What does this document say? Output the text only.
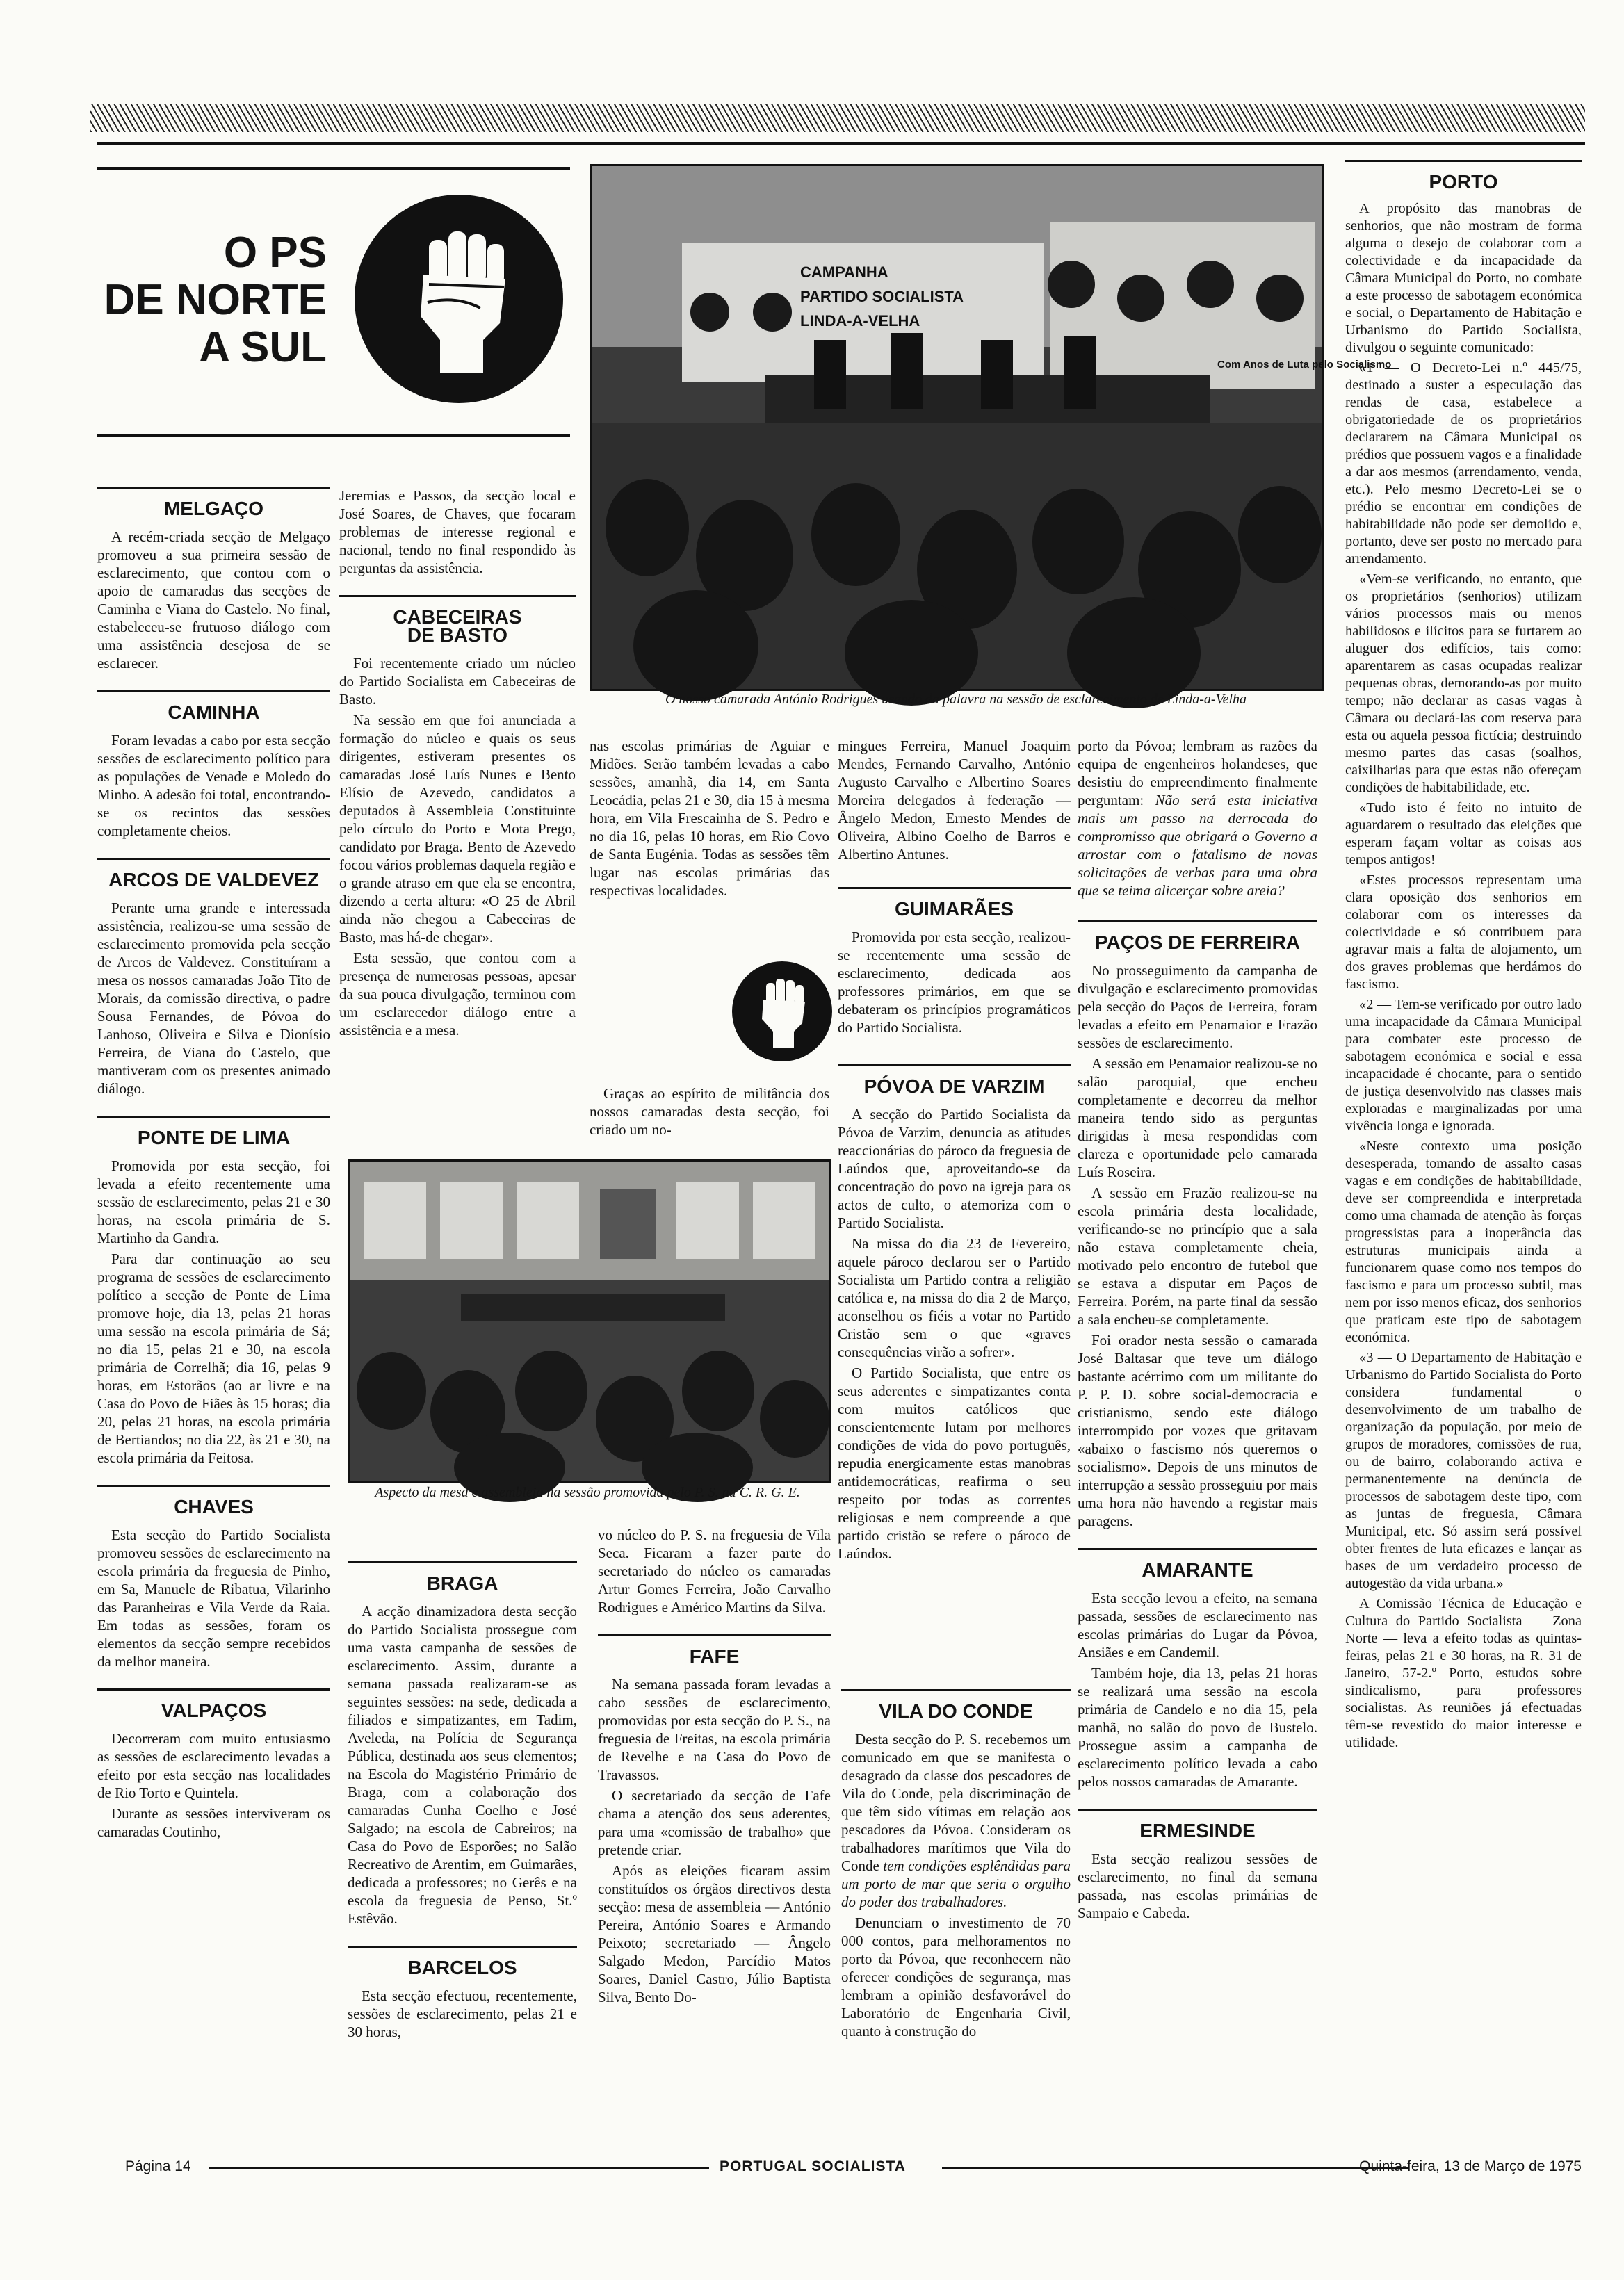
O PS
DE NORTE
A SUL
CAMPANHA
PARTIDO SOCIALISTA
LINDA-A-VELHA
Com Anos de Luta pelo Socialismo
O nosso camarada António Rodrigues usando da palavra na sessão de esclarecimento de Linda-a-Velha
MELGAÇO

A recém-criada secção de Melgaço promoveu a sua primeira sessão de esclarecimento, que contou com o apoio de camaradas das secções de Caminha e Viana do Castelo. No final, estabeleceu-se frutuoso diálogo com uma assistência desejosa de se esclarecer.

CAMINHA

Foram levadas a cabo por esta secção sessões de esclarecimento político para as populações de Venade e Moledo do Minho. A adesão foi total, encontrando-se os recintos das sessões completamente cheios.

ARCOS DE VALDEVEZ

Perante uma grande e interessada assistência, realizou-se uma sessão de esclarecimento promovida pela secção de Arcos de Valdevez. Constituíram a mesa os nossos camaradas João Tito de Morais, da comissão directiva, o padre Sousa Fernandes, de Póvoa do Lanhoso, Oliveira e Silva e Dionísio Ferreira, de Viana do Castelo, que mantiveram com os presentes animado diálogo.

PONTE DE LIMA

Promovida por esta secção, foi levada a efeito recentemente uma sessão de esclarecimento, pelas 21 e 30 horas, na escola primária de S. Martinho da Gandra.

Para dar continuação ao seu programa de sessões de esclarecimento político a secção de Ponte de Lima promove hoje, dia 13, pelas 21 horas uma sessão na escola primária de Sá; no dia 15, pelas 21 e 30, na escola primária de Correlhã; dia 16, pelas 9 horas, em Estorãos (ao ar livre e na Casa do Povo de Fiães às 15 horas; dia 20, pelas 21 horas, na escola primária de Bertiandos; no dia 22, às 21 e 30, na escola primária da Feitosa.

CHAVES

Esta secção do Partido Socialista promoveu sessões de esclarecimento na escola primária da freguesia de Pinho, em Sa, Manuele de Ribatua, Vilarinho das Paranheiras e Vila Verde da Raia. Em todas as sessões, foram os elementos da secção sempre recebidos da melhor maneira.

VALPAÇOS

Decorreram com muito entusiasmo as sessões de esclarecimento levadas a efeito por esta secção nas localidades de Rio Torto e Quintela.

Durante as sessões interviveram os camaradas Coutinho,

Jeremias e Passos, da secção local e José Soares, de Chaves, que focaram problemas de interesse regional e nacional, tendo no final respondido às perguntas da assistência.

CABECEIRAS
DE BASTO

Foi recentemente criado um núcleo do Partido Socialista em Cabeceiras de Basto.

Na sessão em que foi anunciada a formação do núcleo e quais os seus dirigentes, estiveram presentes os camaradas José Luís Nunes e Bento Elísio de Azevedo, candidatos a deputados à Assembleia Constituinte pelo círculo do Porto e Mota Prego, candidato por Braga. Bento de Azevedo focou vários problemas daquela região e o grande atraso em que ela se encontra, dizendo a certa altura: «O 25 de Abril ainda não chegou a Cabeceiras de Basto, mas há-de chegar».

Esta sessão, que contou com a presença de numerosas pessoas, apesar da sua pouca divulgação, terminou com um esclarecedor diálogo entre a assistência e a mesa.

nas escolas primárias de Aguiar e Midões. Serão também levadas a cabo sessões, amanhã, dia 14, em Santa Leocádia, pelas 21 e 30, dia 15 à mesma hora, em Vila Frescainha de S. Pedro e no dia 16, pelas 10 horas, em Rio Covo de Santa Eugénia. Todas as sessões têm lugar nas escolas primárias das respectivas localidades.

Graças ao espírito de militância dos nossos camaradas desta secção, foi criado um no-

mingues Ferreira, Manuel Joaquim Mendes, Fernando Carvalho, António Augusto Carvalho e Albertino Soares Moreira delegados à federação — Ângelo Medon, Ernesto Mendes de Oliveira, Albino Coelho de Barros e Albertino Antunes.

GUIMARÃES

Promovida por esta secção, realizou-se recentemente uma sessão de esclarecimento, dedicada aos professores primários, em que se debateram os princípios programáticos do Partido Socialista.

PÓVOA DE VARZIM

A secção do Partido Socialista da Póvoa de Varzim, denuncia as atitudes reaccionárias do pároco da freguesia de Laúndos que, aproveitando-se da concentração do povo na igreja para os actos de culto, o atemoriza com o Partido Socialista.

Na missa do dia 23 de Fevereiro, aquele pároco declarou ser o Partido Socialista um Partido contra a religião católica e, na missa do dia 2 de Março, aconselhou os fiéis a votar no Partido Cristão sem o que «graves consequências virão a sofrer».

O Partido Socialista, que entre os seus aderentes e simpatizantes conta com muitos católicos que conscientemente lutam por melhores condições de vida do povo português, repudia energicamente estas manobras antidemocráticas, reafirma o seu respeito por todas as correntes religiosas e nem compreende a que partido cristão se refere o pároco de Laúndos.

porto da Póvoa; lembram as razões da equipa de engenheiros holandeses, que desistiu do empreendimento finalmente perguntam: Não será esta iniciativa mais um passo na derrocada do compromisso que obrigará o Governo a arrostar com o fatalismo de novas solicitações de verbas para uma obra que se teima alicerçar sobre areia?

PAÇOS DE FERREIRA

No prosseguimento da campanha de divulgação e esclarecimento promovidas pela secção do Paços de Ferreira, foram levadas a efeito em Penamaior e Frazão sessões de esclarecimento.

A sessão em Penamaior realizou-se no salão paroquial, que encheu completamente e decorreu da melhor maneira tendo sido as perguntas dirigidas à mesa respondidas com clareza e oportunidade pelo camarada Luís Roseira.

A sessão em Frazão realizou-se na escola primária desta localidade, verificando-se no princípio que a sala não estava completamente cheia, motivado pelo encontro de futebol que se estava a disputar em Paços de Ferreira. Porém, na parte final da sessão a sala encheu-se completamente.

Foi orador nesta sessão o camarada José Baltasar que teve um diálogo bastante acérrimo com um militante do P. P. D. sobre social-democracia e cristianismo, sendo este diálogo interrompido por vozes que gritavam «abaixo o fascismo nós queremos o socialismo». Depois de uns minutos de interrupção a sessão prosseguiu por mais uma hora não havendo a registar mais paragens.

AMARANTE

Esta secção levou a efeito, na semana passada, sessões de esclarecimento nas escolas primárias do Lugar da Póvoa, Ansiães e em Candemil.

Também hoje, dia 13, pelas 21 horas se realizará uma sessão na escola primária de Candelo e no dia 15, pela manhã, no salão do povo de Bustelo. Prossegue assim a campanha de esclarecimento político levada a cabo pelos nossos camaradas de Amarante.

ERMESINDE

Esta secção realizou sessões de esclarecimento, no final da semana passada, nas escolas primárias de Sampaio e Cabeda.

Aspecto da mesa e assembleia na sessão promovida pelo P. S. na C. R. G. E.
BRAGA

A acção dinamizadora desta secção do Partido Socialista prossegue com uma vasta campanha de sessões de esclarecimento. Assim, durante a semana passada realizaram-se as seguintes sessões: na sede, dedicada a filiados e simpatizantes, em Tadim, Aveleda, na Polícia de Segurança Pública, destinada aos seus elementos; na Escola do Magistério Primário de Braga, com a colaboração dos camaradas Cunha Coelho e José Salgado; na escola de Cabreiros; na Casa do Povo de Esporões; no Salão Recreativo de Arentim, em Guimarães, dedicada a professores; no Gerês e na escola da freguesia de Penso, St.º Estêvão.

BARCELOS

Esta secção efectuou, recentemente, sessões de esclarecimento, pelas 21 e 30 horas,

vo núcleo do P. S. na freguesia de Vila Seca. Ficaram a fazer parte do secretariado do núcleo os camaradas Artur Gomes Ferreira, João Carvalho Rodrigues e Américo Martins da Silva.

FAFE

Na semana passada foram levadas a cabo sessões de esclarecimento, promovidas por esta secção do P. S., na freguesia de Freitas, na escola primária de Revelhe e na Casa do Povo de Travassos.

O secretariado da secção de Fafe chama a atenção dos seus aderentes, para uma «comissão de trabalho» que pretende criar.

Após as eleições ficaram assim constituídos os órgãos directivos desta secção: mesa de assembleia — António Pereira, António Soares e Armando Peixoto; secretariado — Ângelo Salgado Medon, Parcídio Matos Soares, Daniel Castro, Júlio Baptista Silva, Bento Do-

VILA DO CONDE

Desta secção do P. S. recebemos um comunicado em que se manifesta o desagrado da classe dos pescadores de Vila do Conde, pela discriminação de que têm sido vítimas em relação aos pescadores da Póvoa. Consideram os trabalhadores marítimos que Vila do Conde tem condições esplêndidas para um porto de mar que seria o orgulho do poder dos trabalhadores.

Denunciam o investimento de 70 000 contos, para melhoramentos no porto da Póvoa, que reconhecem não oferecer condições de segurança, mas lembram a opinião desfavorável do Laboratório de Engenharia Civil, quanto à construção do

PORTO

A propósito das manobras de senhorios, que não mostram de forma alguma o desejo de colaborar com a colectividade e da incapacidade da Câmara Municipal do Porto, no combate a este processo de sabotagem económica e social, o Departamento de Habitação e Urbanismo do Partido Socialista, divulgou o seguinte comunicado:

«1 — O Decreto-Lei n.º 445/75, destinado a suster a especulação das rendas de casa, estabelece a obrigatoriedade de os proprietários declararem na Câmara Municipal os prédios que possuem vagos e a finalidade a dar aos mesmos (arrendamento, venda, etc.). Pelo mesmo Decreto-Lei se o prédio se encontrar em condições de habitabilidade não pode ser demolido e, portanto, deve ser posto no mercado para arrendamento.

«Vem-se verificando, no entanto, que os proprietários (senhorios) utilizam vários processos mais ou menos habilidosos e ilícitos para se furtarem ao aluguer dos edifícios, tais como: aparentarem as casas ocupadas realizar pequenas obras, demorando-as por muito tempo; não declarar as casas vagas à Câmara ou declará-las com reserva para esta ou aquela pessoa fictícia; destruindo mesmo partes das casas (soalhos, caixilharias para que estas não ofereçam condições de habitabilidade, etc.

«Tudo isto é feito no intuito de aguardarem o resultado das eleições que esperam façam voltar as coisas aos tempos antigos!

«Estes processos representam uma clara oposição dos senhorios em colaborar com os interesses da colectividade e só contribuem para agravar mais a falta de alojamento, um dos graves problemas que herdámos do fascismo.

«2 — Tem-se verificado por outro lado uma incapacidade da Câmara Municipal para combater este processo de sabotagem económica e social e essa incapacidade é chocante, para o sentido de justiça desenvolvido nas classes mais exploradas e marginalizadas por uma vivência longa e ignorada.

«Neste contexto uma posição desesperada, tomando de assalto casas vagas e em condições de habitabilidade, deve ser compreendida e interpretada como uma chamada de atenção às forças progressistas para a inoperância das estruturas municipais ainda a funcionarem quase como nos tempos do fascismo e para um processo subtil, mas nem por isso menos eficaz, dos senhorios que praticam este tipo de sabotagem económica.

«3 — O Departamento de Habitação e Urbanismo do Partido Socialista do Porto considera fundamental o desenvolvimento de um trabalho de organização da população, por meio de grupos de moradores, comissões de rua, ou de bairro, colaborando activa e permanentemente na denúncia de processos de sabotagem deste tipo, com as juntas de freguesia, Câmara Municipal, etc. Só assim será possível obter frentes de luta eficazes e lançar as bases de um verdadeiro processo de autogestão da vida urbana.»

A Comissão Técnica de Educação e Cultura do Partido Socialista — Zona Norte — leva a efeito todas as quintas-feiras, pelas 21 e 30 horas, na R. 31 de Janeiro, 57-2.º Porto, estudos sobre sindicalismo, para professores socialistas. As reuniões já efectuadas têm-se revestido do maior interesse e utilidade.

Página 14	PORTUGAL SOCIALISTA	Quinta-feira, 13 de Março de 1975
